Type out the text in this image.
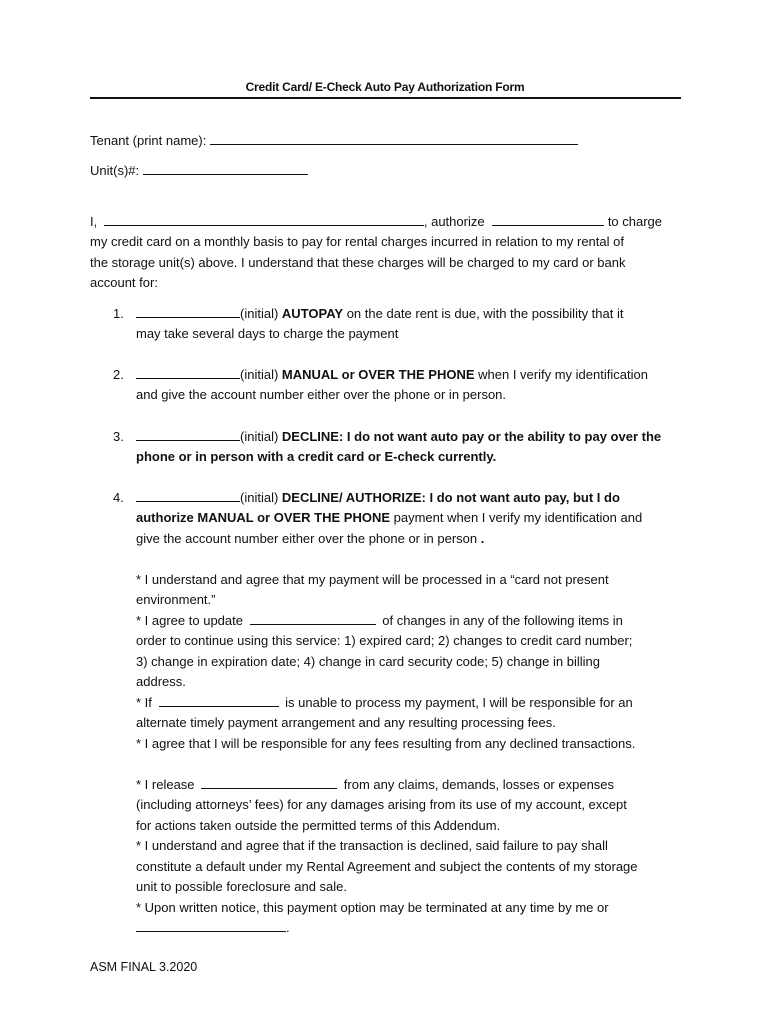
Credit Card/ E-Check Auto Pay Authorization Form
Tenant (print name):
Unit(s)#:
I,	, authorize	to charge
my credit card on a monthly basis to pay for rental charges incurred in relation to my rental of
the storage unit(s) above. I understand that these charges will be charged to my card or bank
account for:
1.	(initial) AUTOPAY on the date rent is due, with the possibility that it
may take several days to charge the payment
2.	(initial) MANUAL or OVER THE PHONE when I verify my identification
and give the account number either over the phone or in person.
3.	(initial) DECLINE: I do not want auto pay or the ability to pay over the
phone or in person with a credit card or E-check currently.
4.	(initial) DECLINE/ AUTHORIZE: I do not want auto pay, but I do
authorize MANUAL or OVER THE PHONE payment when I verify my identification and
give the account number either over the phone or in person .
* I understand and agree that my payment will be processed in a “card not present
environment.”
* I agree to update	of changes in any of the following items in
order to continue using this service: 1) expired card; 2) changes to credit card number;
3) change in expiration date; 4) change in card security code; 5) change in billing
address.
* If	is unable to process my payment, I will be responsible for an
alternate timely payment arrangement and any resulting processing fees.
* I agree that I will be responsible for any fees resulting from any declined transactions.
* I release	from any claims, demands, losses or expenses
(including attorneys’ fees) for any damages arising from its use of my account, except
for actions taken outside the permitted terms of this Addendum.
* I understand and agree that if the transaction is declined, said failure to pay shall
constitute a default under my Rental Agreement and subject the contents of my storage
unit to possible foreclosure and sale.
* Upon written notice, this payment option may be terminated at any time by me or
.
ASM FINAL 3.2020
